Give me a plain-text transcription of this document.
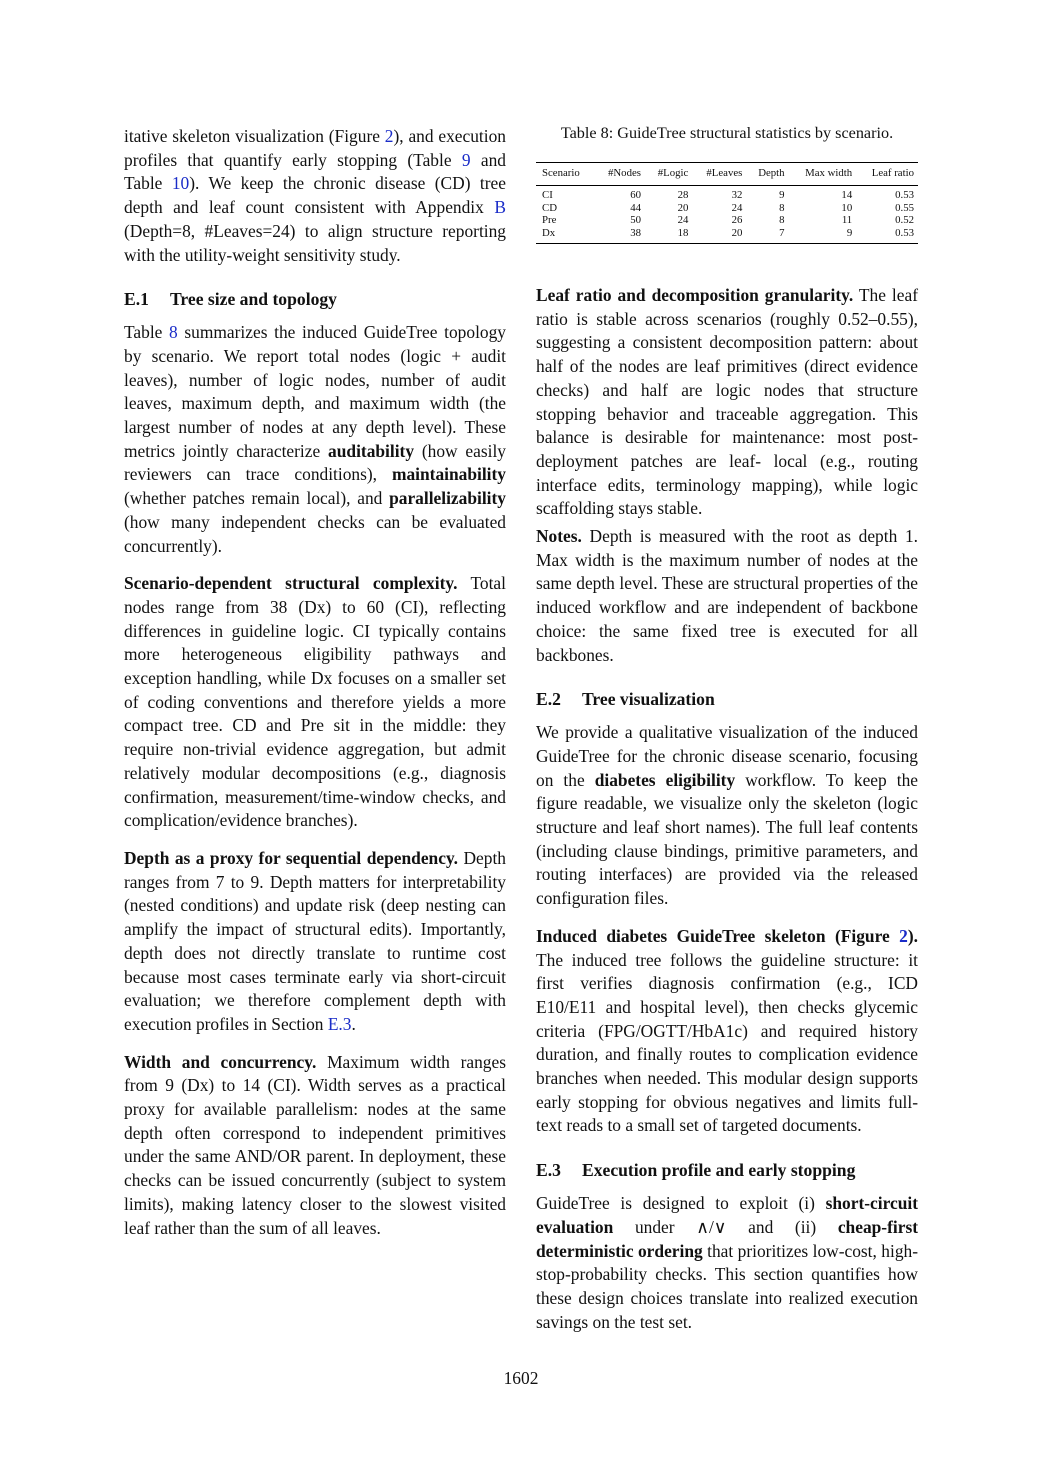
itative skeleton visualization (Figure 2), and execution profiles that quantify early stopping (Table 9 and Table 10). We keep the chronic disease (CD) tree depth and leaf count consistent with Appendix B (Depth=8, #Leaves=24) to align structure reporting with the utility-weight sensitivity study.

E.1 Tree size and topology

Table 8 summarizes the induced GuideTree topology by scenario. We report total nodes (logic + audit leaves), number of logic nodes, number of audit leaves, maximum depth, and maximum width (the largest number of nodes at any depth level). These metrics jointly characterize auditability (how easily reviewers can trace conditions), maintainability (whether patches remain local), and parallelizability (how many independent checks can be evaluated concurrently).

Scenario-dependent structural complexity. Total nodes range from 38 (Dx) to 60 (CI), reflecting differences in guideline logic. CI typically contains more heterogeneous eligibility pathways and exception handling, while Dx focuses on a smaller set of coding conventions and therefore yields a more compact tree. CD and Pre sit in the middle: they require non-trivial evidence aggregation, but admit relatively modular decompositions (e.g., diagnosis confirmation, measurement/time-window checks, and complication/evidence branches).

Depth as a proxy for sequential dependency. Depth ranges from 7 to 9. Depth matters for interpretability (nested conditions) and update risk (deep nesting can amplify the impact of structural edits). Importantly, depth does not directly translate to runtime cost because most cases terminate early via short-circuit evaluation; we therefore complement depth with execution profiles in Section E.3.

Width and concurrency. Maximum width ranges from 9 (Dx) to 14 (CI). Width serves as a practical proxy for available parallelism: nodes at the same depth often correspond to independent primitives under the same AND/OR parent. In deployment, these checks can be issued concurrently (subject to system limits), making latency closer to the slowest visited leaf rather than the sum of all leaves.

Table 8: GuideTree structural statistics by scenario.
Scenario	#Nodes	#Logic	#Leaves	Depth	Max width	Leaf ratio
CI	60	28	32	9	14	0.53
CD	44	20	24	8	10	0.55
Pre	50	24	26	8	11	0.52
Dx	38	18	20	7	9	0.53

Leaf ratio and decomposition granularity. The leaf ratio is stable across scenarios (roughly 0.52–0.55), suggesting a consistent decomposition pattern: about half of the nodes are leaf primitives (direct evidence checks) and half are logic nodes that structure stopping behavior and traceable aggregation. This balance is desirable for maintenance: most post-deployment patches are leaf- local (e.g., routing interface edits, terminology mapping), while logic scaffolding stays stable.

Notes. Depth is measured with the root as depth 1. Max width is the maximum number of nodes at the same depth level. These are structural properties of the induced workflow and are independent of backbone choice: the same fixed tree is executed for all backbones.

E.2 Tree visualization

We provide a qualitative visualization of the induced GuideTree for the chronic disease scenario, focusing on the diabetes eligibility workflow. To keep the figure readable, we visualize only the skeleton (logic structure and leaf short names). The full leaf contents (including clause bindings, primitive parameters, and routing interfaces) are provided via the released configuration files.

Induced diabetes GuideTree skeleton (Figure 2). The induced tree follows the guideline structure: it first verifies diagnosis confirmation (e.g., ICD E10/E11 and hospital level), then checks glycemic criteria (FPG/OGTT/HbA1c) and required history duration, and finally routes to complication evidence branches when needed. This modular design supports early stopping for obvious negatives and limits full-text reads to a small set of targeted documents.

E.3 Execution profile and early stopping

GuideTree is designed to exploit (i) short-circuit evaluation under ∧/∨ and (ii) cheap-first deterministic ordering that prioritizes low-cost, high-stop-probability checks. This section quantifies how these design choices translate into realized execution savings on the test set.

1602
